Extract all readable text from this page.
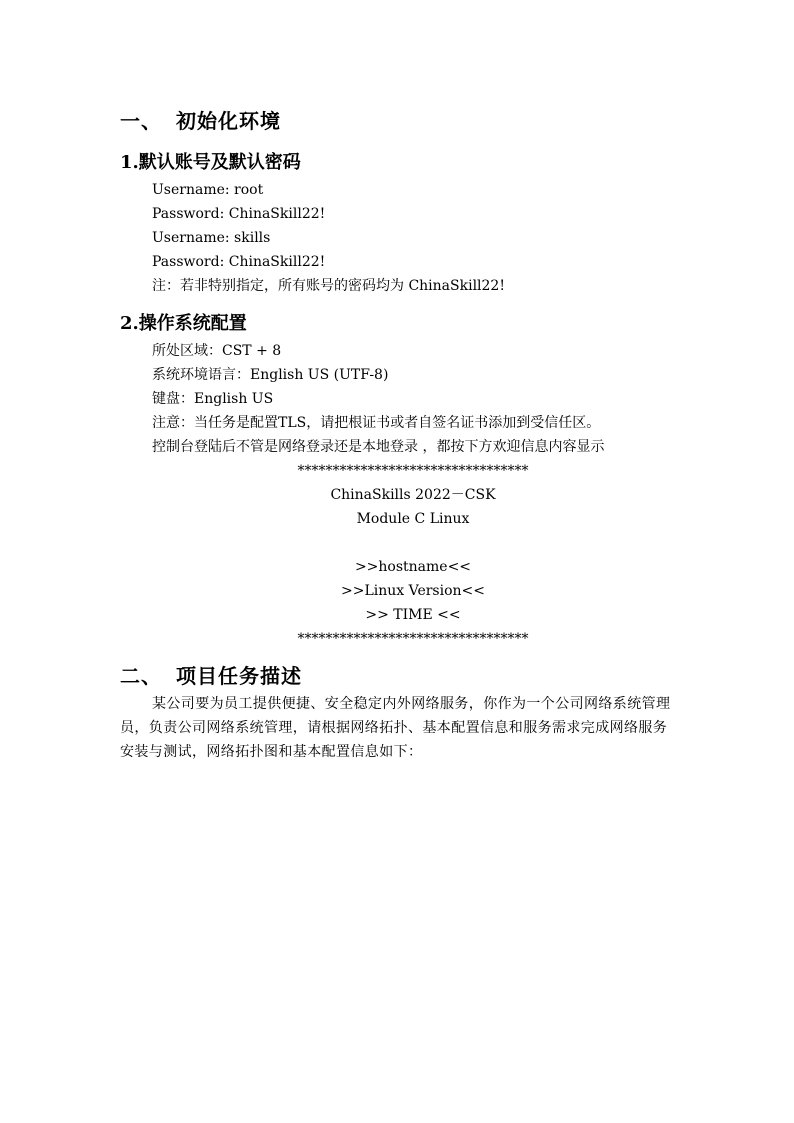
一、 初始化环境
1.默认账号及默认密码
Username: root
Password: ChinaSkill22!
Username: skills
Password: ChinaSkill22!
注：若非特别指定，所有账号的密码均为 ChinaSkill22!
2.操作系统配置
所处区域：CST + 8
系统环境语言：English US (UTF-8)
键盘：English US
注意：当任务是配置TLS，请把根证书或者自签名证书添加到受信任区。
控制台登陆后不管是网络登录还是本地登录 ，都按下方欢迎信息内容显示
*********************************
ChinaSkills 2022－CSK
Module C Linux
>>hostname<<
>>Linux Version<<
>> TIME <<
*********************************
二、 项目任务描述
某公司要为员工提供便捷、安全稳定内外网络服务，你作为一个公司网络系统管理员，负责公司网络系统管理，请根据网络拓扑、基本配置信息和服务需求完成网络服务安装与测试，网络拓扑图和基本配置信息如下：
